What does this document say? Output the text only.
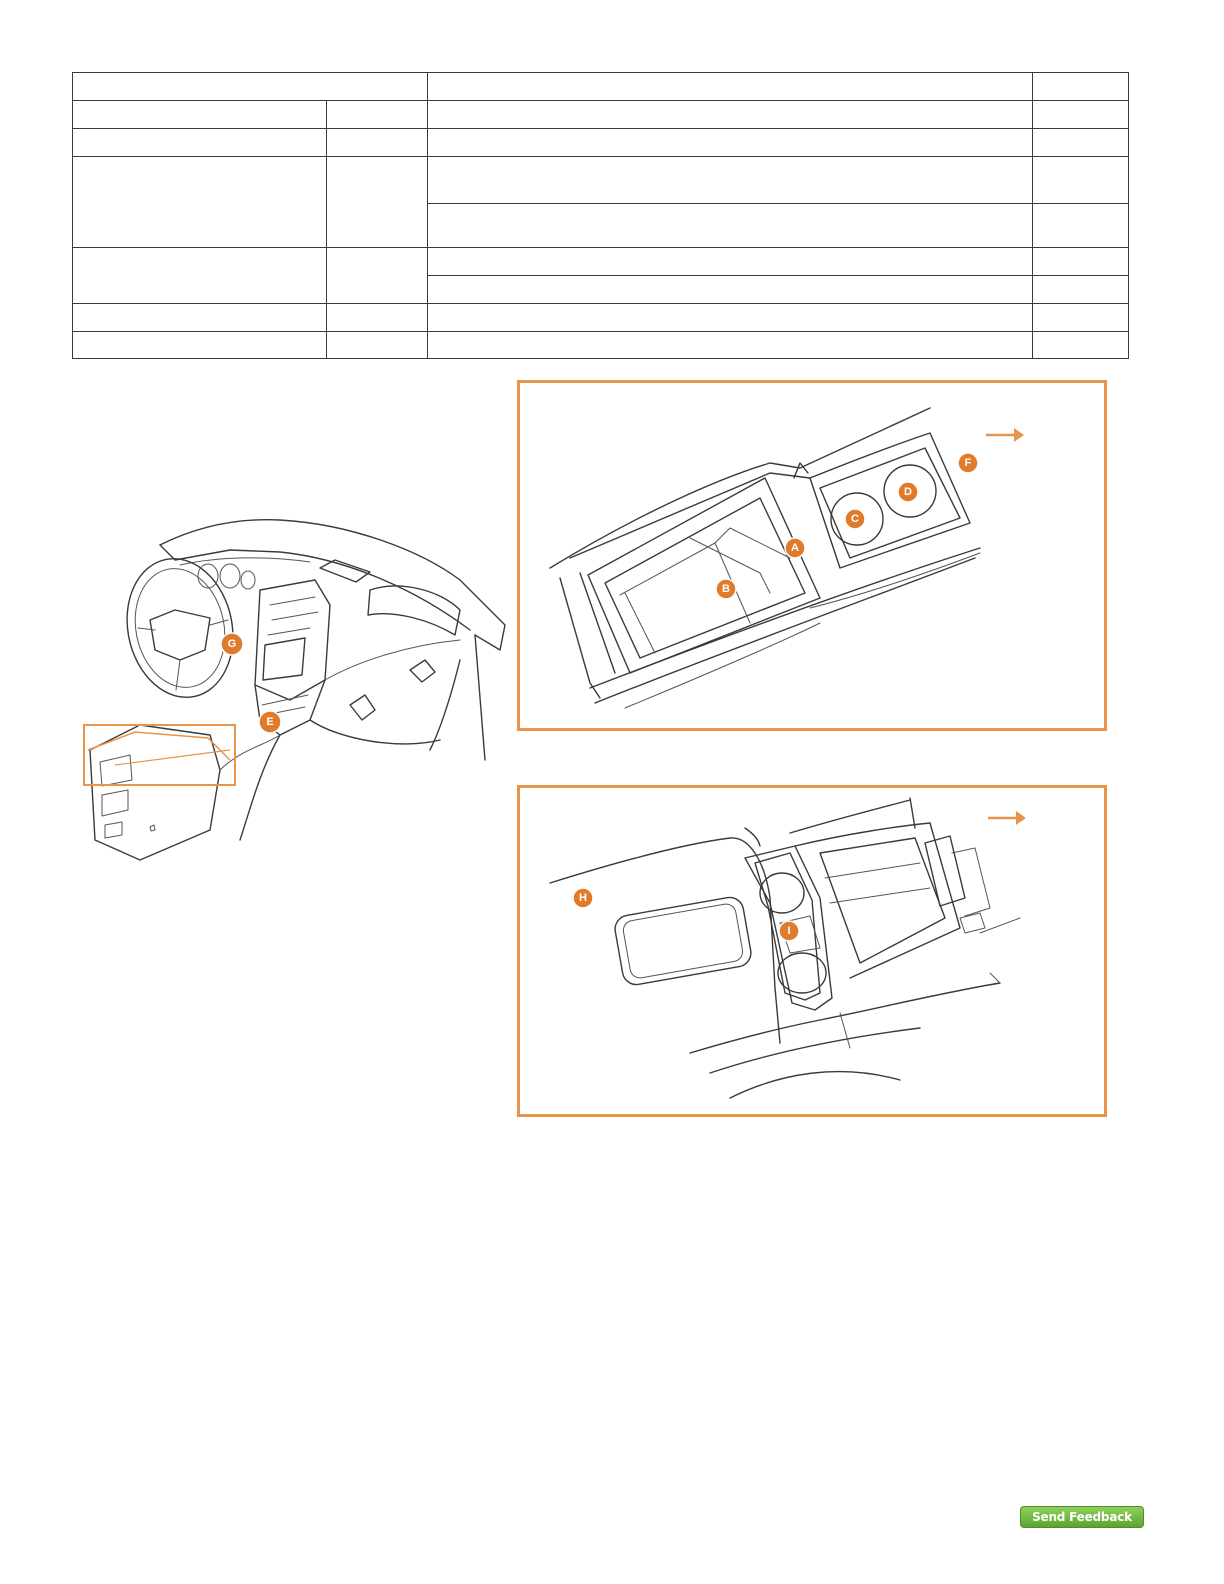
G
E
A
B
C
D
F
H
I
Send Feedback
